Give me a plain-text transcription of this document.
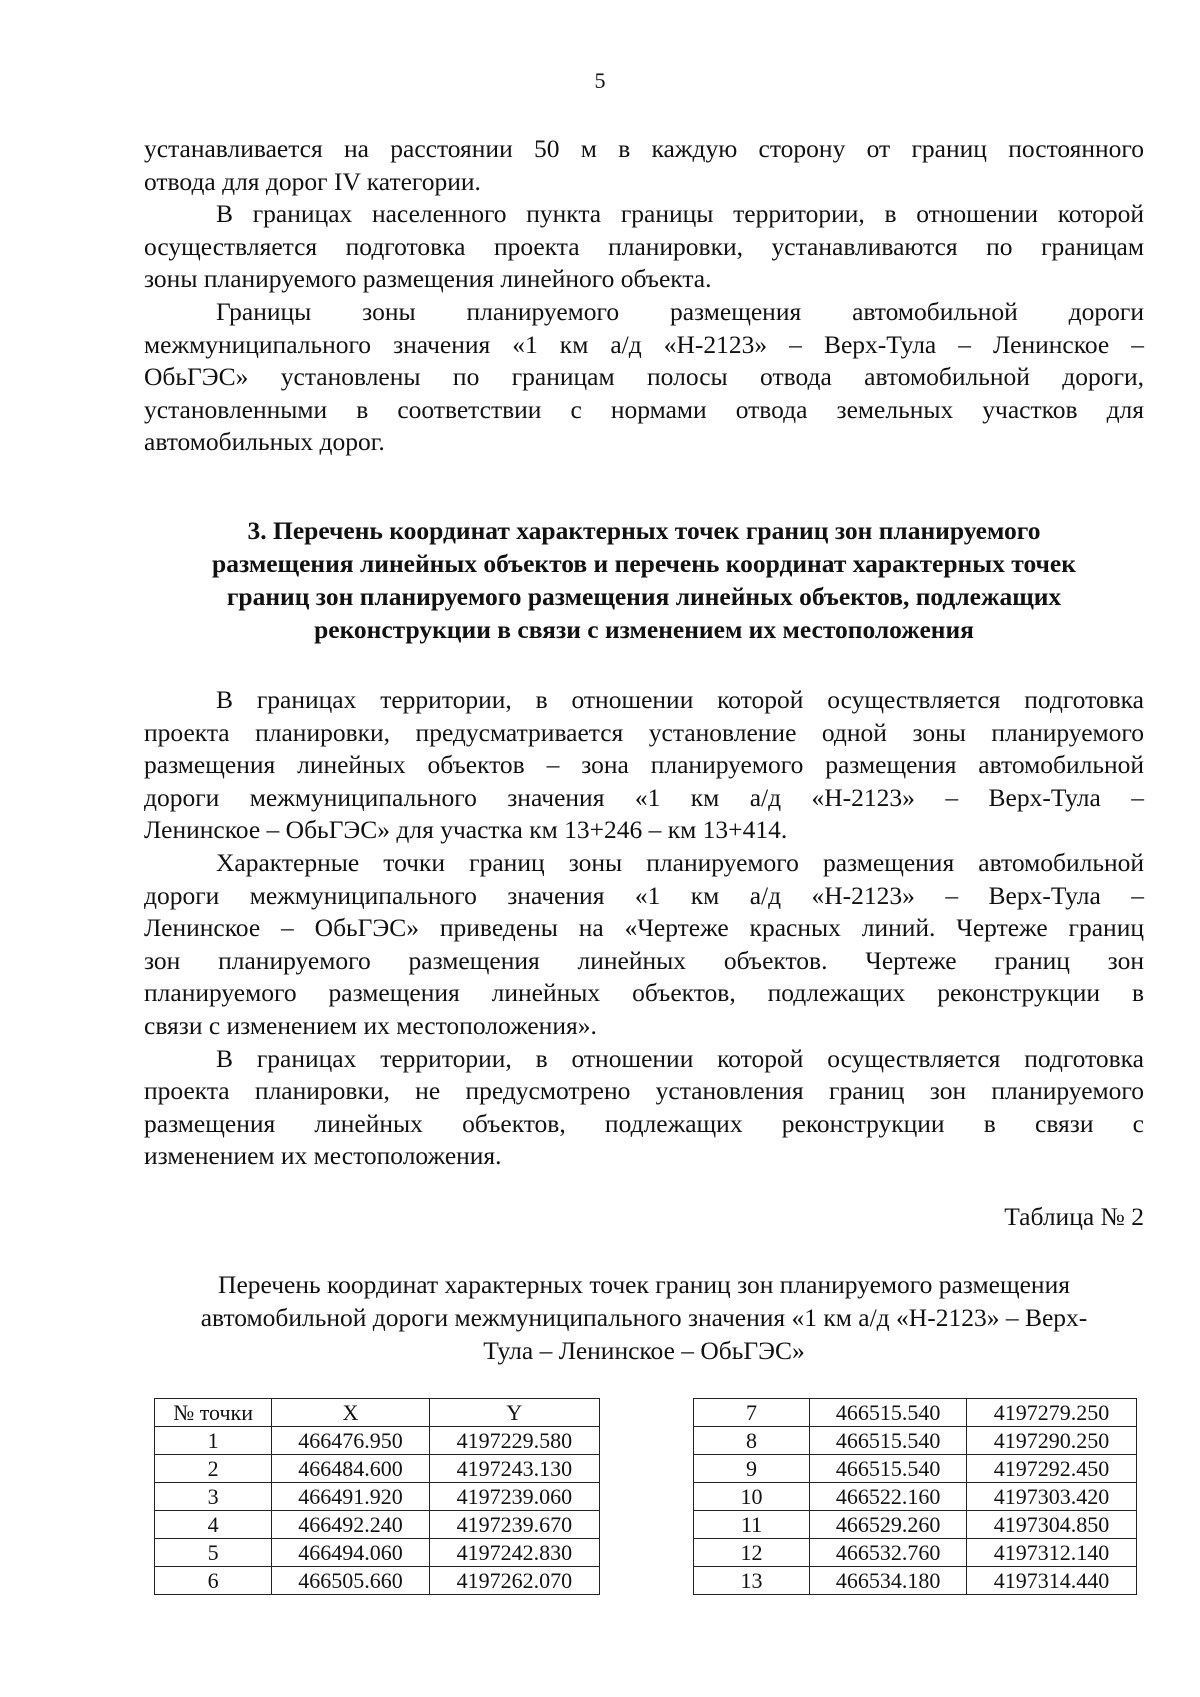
5

устанавливается на расстоянии 50 м в каждую сторону от границ постоянного
отвода для дорог IV категории.

В границах населенного пункта границы территории, в отношении которой
осуществляется подготовка проекта планировки, устанавливаются по границам
зоны планируемого размещения линейного объекта.

Границы зоны планируемого размещения автомобильной дороги
межмуниципального значения «1 км а/д «Н-2123» – Верх-Тула – Ленинское –
ОбьГЭС» установлены по границам полосы отвода автомобильной дороги,
установленными в соответствии с нормами отвода земельных участков для
автомобильных дорог.

3. Перечень координат характерных точек границ зон планируемого
размещения линейных объектов и перечень координат характерных точек
границ зон планируемого размещения линейных объектов, подлежащих
реконструкции в связи с изменением их местоположения

В границах территории, в отношении которой осуществляется подготовка
проекта планировки, предусматривается установление одной зоны планируемого
размещения линейных объектов – зона планируемого размещения автомобильной
дороги межмуниципального значения «1 км а/д «Н-2123» – Верх-Тула –
Ленинское – ОбьГЭС» для участка км 13+246 – км 13+414.

Характерные точки границ зоны планируемого размещения автомобильной
дороги межмуниципального значения «1 км а/д «Н-2123» – Верх-Тула –
Ленинское – ОбьГЭС» приведены на «Чертеже красных линий. Чертеже границ
зон планируемого размещения линейных объектов. Чертеже границ зон
планируемого размещения линейных объектов, подлежащих реконструкции в
связи с изменением их местоположения».

В границах территории, в отношении которой осуществляется подготовка
проекта планировки, не предусмотрено установления границ зон планируемого
размещения линейных объектов, подлежащих реконструкции в связи с
изменением их местоположения.

Таблица № 2

Перечень координат характерных точек границ зон планируемого размещения
автомобильной дороги межмуниципального значения «1 км а/д «Н-2123» – Верх-
Тула – Ленинское – ОбьГЭС»

№ точки	X	Y
1	466476.950	4197229.580
2	466484.600	4197243.130
3	466491.920	4197239.060
4	466492.240	4197239.670
5	466494.060	4197242.830
6	466505.660	4197262.070
7	466515.540	4197279.250
8	466515.540	4197290.250
9	466515.540	4197292.450
10	466522.160	4197303.420
11	466529.260	4197304.850
12	466532.760	4197312.140
13	466534.180	4197314.440
